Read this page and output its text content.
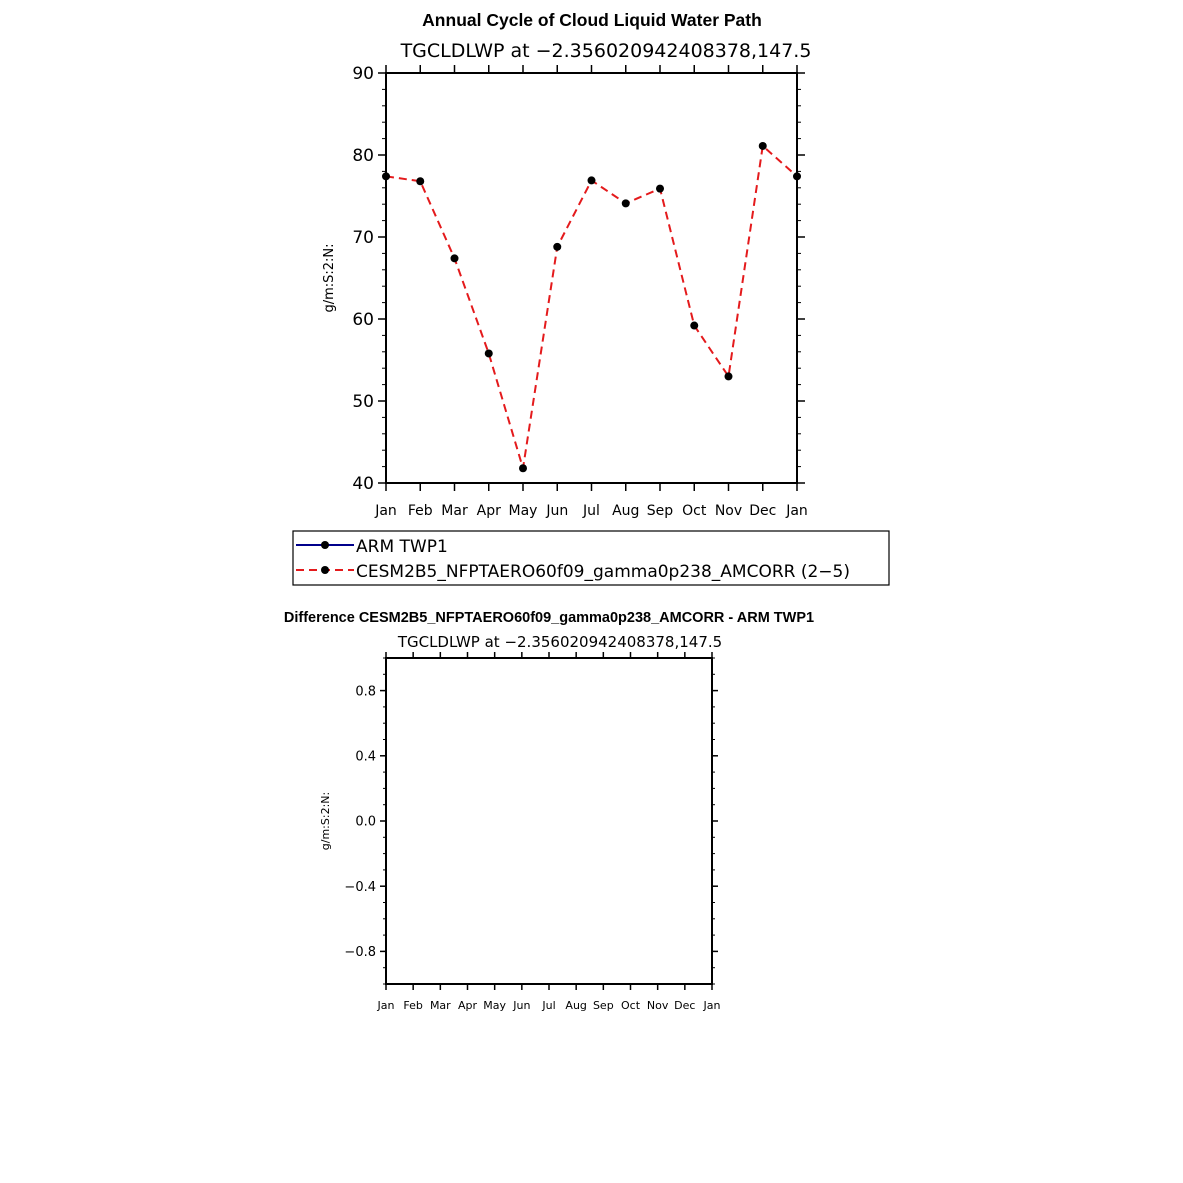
Annual Cycle of Cloud Liquid Water Path
TGCLDLWP at −2.356020942408378,147.5
g/m:S:2:N:
Jan Feb Mar Apr May Jun Jul Aug Sep Oct Nov Dec Jan
40
50
60
70
80
90
ARM TWP1
CESM2B5_NFPTAERO60f09_gamma0p238_AMCORR (2−5)
Difference CESM2B5_NFPTAERO60f09_gamma0p238_AMCORR - ARM TWP1
TGCLDLWP at −2.356020942408378,147.5
g/m:S:2:N:
Jan Feb Mar Apr May Jun Jul Aug Sep Oct Nov Dec Jan
−0.8
−0.4
0.0
0.4
0.8
